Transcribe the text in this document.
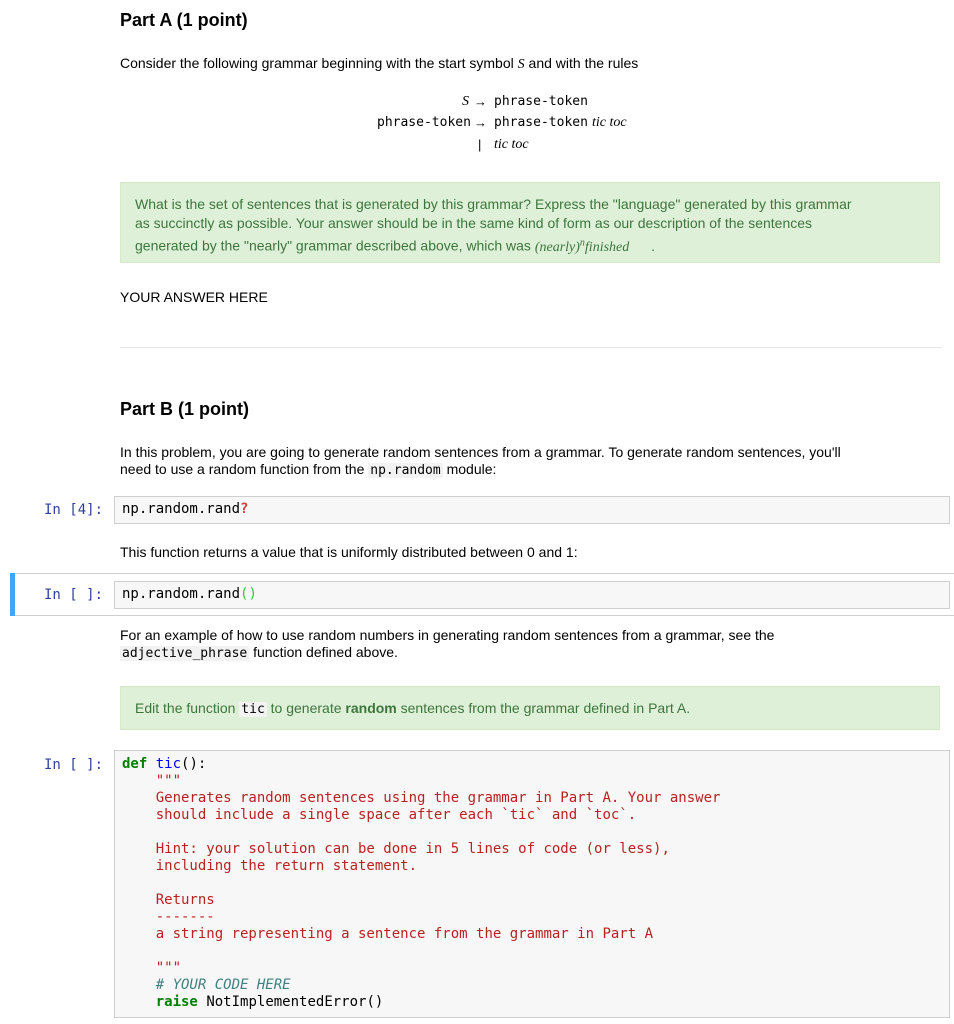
Part A (1 point)
Consider the following grammar beginning with the start symbol S and with the rules
S → phrase-token
phrase-token → phrase-token tic toc
| tic toc
What is the set of sentences that is generated by this grammar? Express the "language" generated by this grammar
as succinctly as possible. Your answer should be in the same kind of form as our description of the sentences
generated by the "nearly" grammar described above, which was (nearly)$^n$finished .
YOUR ANSWER HERE
Part B (1 point)
In this problem, you are going to generate random sentences from a grammar. To generate random sentences, you'll
need to use a random function from the np.random module:
In [4]:	np.random.rand?
This function returns a value that is uniformly distributed between 0 and 1:
In [ ]:	np.random.rand()
For an example of how to use random numbers in generating random sentences from a grammar, see the
adjective_phrase function defined above.
Edit the function tic to generate random sentences from the grammar defined in Part A.
In [ ]:	def tic():
"""
Generates random sentences using the grammar in Part A. Your answer
should include a single space after each `tic` and `toc`.

Hint: your solution can be done in 5 lines of code (or less),
including the return statement.

Returns
-------
a string representing a sentence from the grammar in Part A

"""
# YOUR CODE HERE
raise NotImplementedError()
